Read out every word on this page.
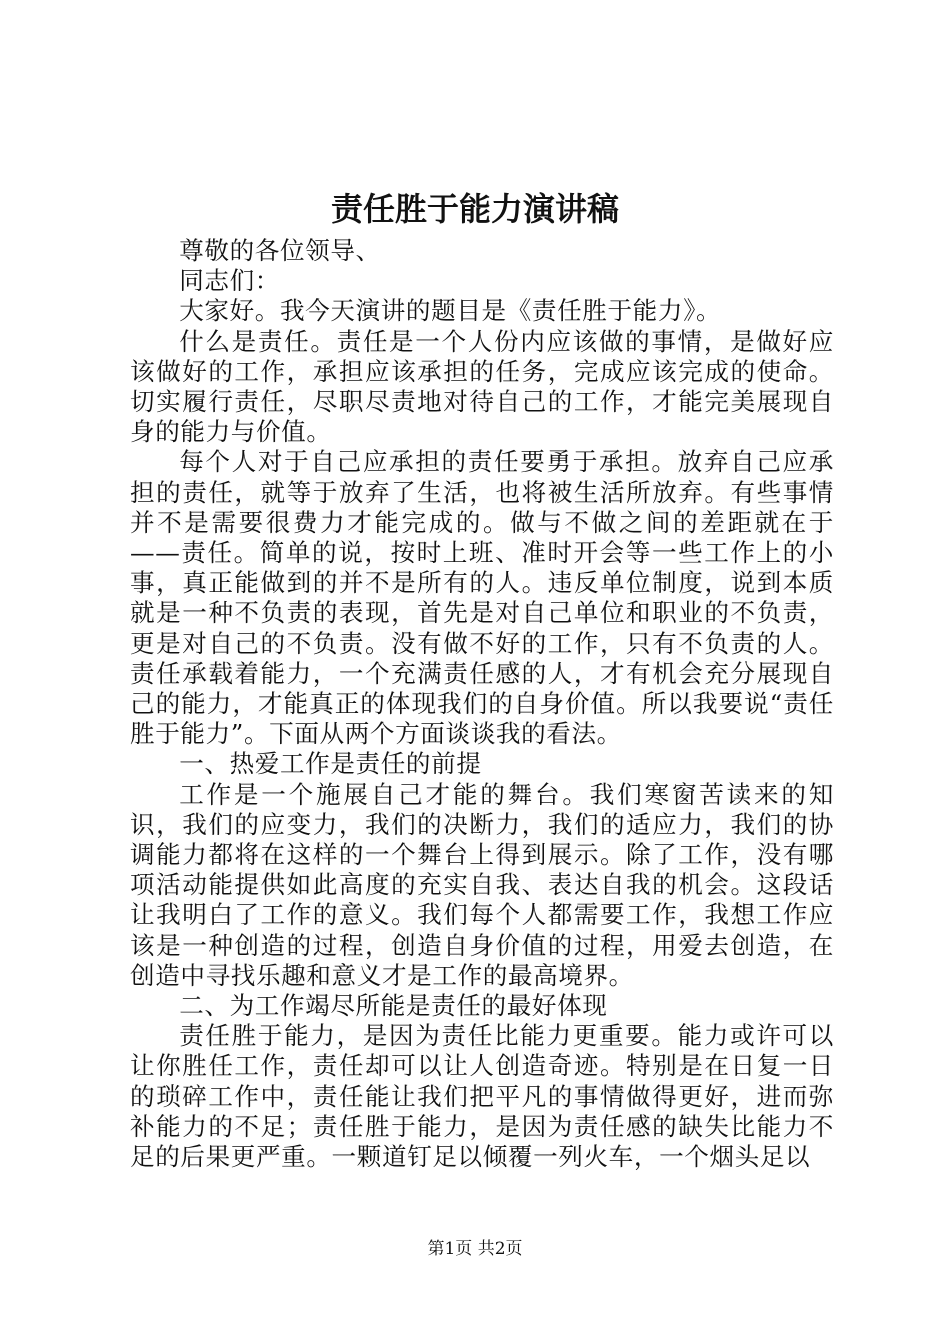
责任胜于能力演讲稿

尊敬的各位领导、

同志们：

大家好。我今天演讲的题目是《责任胜于能力》。

什么是责任。责任是一个人份内应该做的事情，是做好应该做好的工作，承担应该承担的任务，完成应该完成的使命。切实履行责任，尽职尽责地对待自己的工作，才能完美展现自身的能力与价值。

每个人对于自己应承担的责任要勇于承担。放弃自己应承担的责任，就等于放弃了生活，也将被生活所放弃。有些事情并不是需要很费力才能完成的。做与不做之间的差距就在于——责任。简单的说，按时上班、准时开会等一些工作上的小事，真正能做到的并不是所有的人。违反单位制度，说到本质就是一种不负责的表现，首先是对自己单位和职业的不负责，更是对自己的不负责。没有做不好的工作，只有不负责的人。责任承载着能力，一个充满责任感的人，才有机会充分展现自己的能力，才能真正的体现我们的自身价值。所以我要说“责任胜于能力”。下面从两个方面谈谈我的看法。

一、热爱工作是责任的前提

工作是一个施展自己才能的舞台。我们寒窗苦读来的知识，我们的应变力，我们的决断力，我们的适应力，我们的协调能力都将在这样的一个舞台上得到展示。除了工作，没有哪项活动能提供如此高度的充实自我、表达自我的机会。这段话让我明白了工作的意义。我们每个人都需要工作，我想工作应该是一种创造的过程，创造自身价值的过程，用爱去创造，在创造中寻找乐趣和意义才是工作的最高境界。

二、为工作竭尽所能是责任的最好体现

责任胜于能力，是因为责任比能力更重要。能力或许可以让你胜任工作，责任却可以让人创造奇迹。特别是在日复一日的琐碎工作中，责任能让我们把平凡的事情做得更好，进而弥补能力的不足；责任胜于能力，是因为责任感的缺失比能力不足的后果更严重。一颗道钉足以倾覆一列火车，一个烟头足以

第1页 共2页
